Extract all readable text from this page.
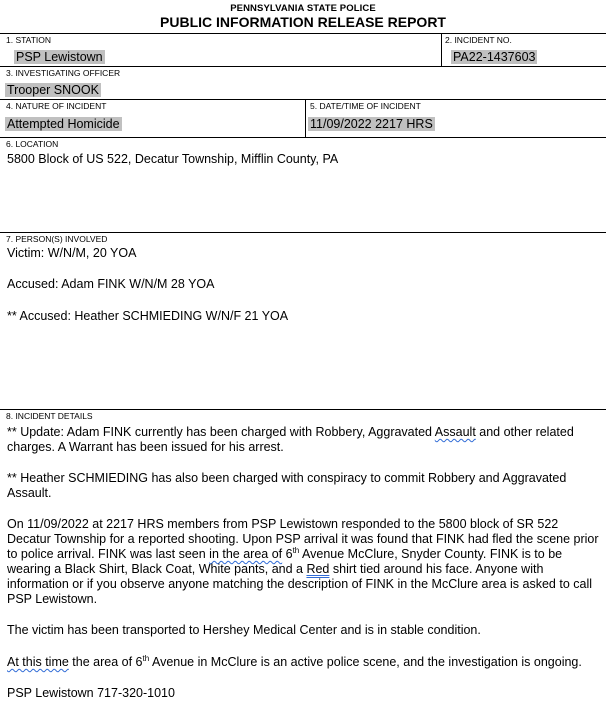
PENNSYLVANIA STATE POLICE
PUBLIC INFORMATION RELEASE REPORT
1. STATION
PSP Lewistown
2. INCIDENT NO.
PA22-1437603
3. INVESTIGATING OFFICER
Trooper SNOOK
4. NATURE OF INCIDENT
Attempted Homicide
5. DATE/TIME OF INCIDENT
11/09/2022 2217 HRS
6. LOCATION
5800 Block of US 522, Decatur Township, Mifflin County, PA
7. PERSON(S) INVOLVED
Victim: W/N/M, 20 YOA
Accused: Adam FINK W/N/M 28 YOA
** Accused: Heather SCHMIEDING W/N/F 21 YOA
8. INCIDENT DETAILS

** Update: Adam FINK currently has been charged with Robbery, Aggravated Assault and other related charges. A Warrant has been issued for his arrest.

** Heather SCHMIEDING has also been charged with conspiracy to commit Robbery and Aggravated Assault.

On 11/09/2022 at 2217 HRS members from PSP Lewistown responded to the 5800 block of SR 522 Decatur Township for a reported shooting. Upon PSP arrival it was found that FINK had fled the scene prior to police arrival. FINK was last seen in the area of 6th Avenue McClure, Snyder County. FINK is to be wearing a Black Shirt, Black Coat, White pants, and a Red shirt tied around his face. Anyone with information or if you observe anyone matching the description of FINK in the McClure area is asked to call PSP Lewistown.

The victim has been transported to Hershey Medical Center and is in stable condition.

At this time the area of 6th Avenue in McClure is an active police scene, and the investigation is ongoing.

PSP Lewistown 717-320-1010
